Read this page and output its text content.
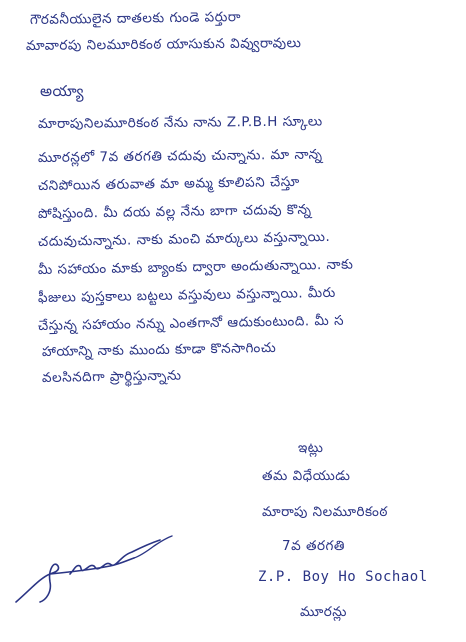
గౌరవనీయులైన దాతలకు గుండె పర్తురా
మావారపు నిలమూరికంఠ యాసుకున వివ్వురావులు
అయ్యా
మారాపునిలమూరికంఠ నేను నాను Z.P.B.H స్కూలు
మూరన్లలో 7వ తరగతి చదువు చున్నాను. మా నాన్న
చనిపోయిన తరువాత మా అమ్మ కూలిపని చేస్తూ
పోషిస్తుంది. మీ దయ వల్ల నేను బాగా చదువు కొన్న
చదువుచున్నాను. నాకు మంచి మార్కులు వస్తున్నాయి.
మీ సహాయం మాకు బ్యాంకు ద్వారా అందుతున్నాయి. నాకు
ఫీజులు పుస్తకాలు బట్టలు వస్తువులు వస్తున్నాయి. మీరు
చేస్తున్న సహాయం నన్ను ఎంతగానో ఆదుకుంటుంది. మీ స
హాయాన్ని నాకు ముందు కూడా కొనసాగించు
వలసినదిగా ప్రార్థిస్తున్నాను
ఇట్లు
తమ విధేయుడు
మారాపు నిలమూరికంఠ
7వ తరగతి
Z.P. Boy Ho Sochaol
మూరన్లు
